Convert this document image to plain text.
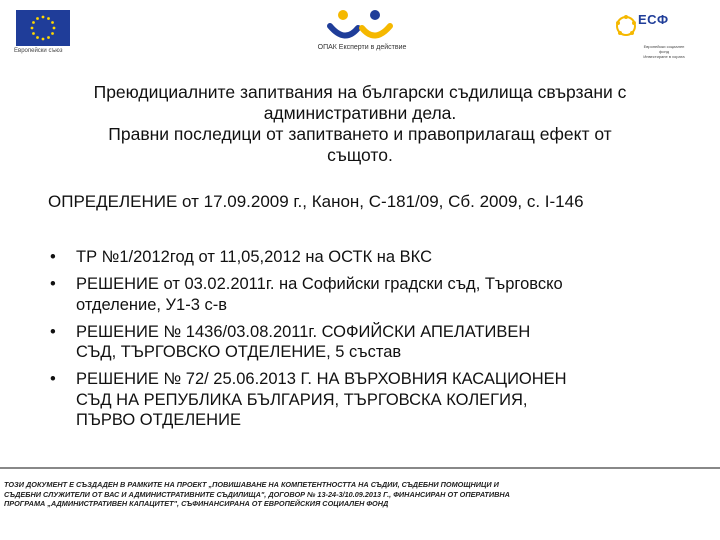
Европейски съюз	ОПАК Експерти в действие
ЕСФ
Европейски социален
фонд
Инвестиране в хората
Преюдициалните запитвания на български съдилища свързани с
административни дела.
Правни последици от запитването и правоприлагащ ефект от
същото.
ОПРЕДЕЛЕНИЕ от 17.09.2009 г., Канон, C-181/09, Сб. 2009, с. I-146
• ТР №1/2012год от 11,05,2012 на ОСТК на ВКС
• РЕШЕНИЕ от 03.02.2011г. на Софийски градски съд, Търговско
отделение, У1-3 с-в
• РЕШЕНИЕ № 1436/03.08.2011г. СОФИЙСКИ АПЕЛАТИВЕН
СЪД, ТЪРГОВСКО ОТДЕЛЕНИЕ, 5 състав
• РЕШЕНИЕ № 72/ 25.06.2013 Г. НА ВЪРХОВНИЯ КАСАЦИОНЕН
СЪД НА РЕПУБЛИКА БЪЛГАРИЯ, ТЪРГОВСКА КОЛЕГИЯ,
ПЪРВО ОТДЕЛЕНИЕ
ТОЗИ ДОКУМЕНТ Е СЪЗДАДЕН В РАМКИТЕ НА ПРОЕКТ „ПОВИШАВАНЕ НА КОМПЕТЕНТНОСТТА НА СЪДИИ, СЪДЕБНИ ПОМОЩНИЦИ И
СЪДЕБНИ СЛУЖИТЕЛИ ОТ ВАС И АДМИНИСТРАТИВНИТЕ СЪДИЛИЩА", ДОГОВОР № 13-24-3/10.09.2013 Г., ФИНАНСИРАН ОТ ОПЕРАТИВНА
ПРОГРАМА „АДМИНИСТРАТИВЕН КАПАЦИТЕТ", СЪФИНАНСИРАНА ОТ ЕВРОПЕЙСКИЯ СОЦИАЛЕН ФОНД
